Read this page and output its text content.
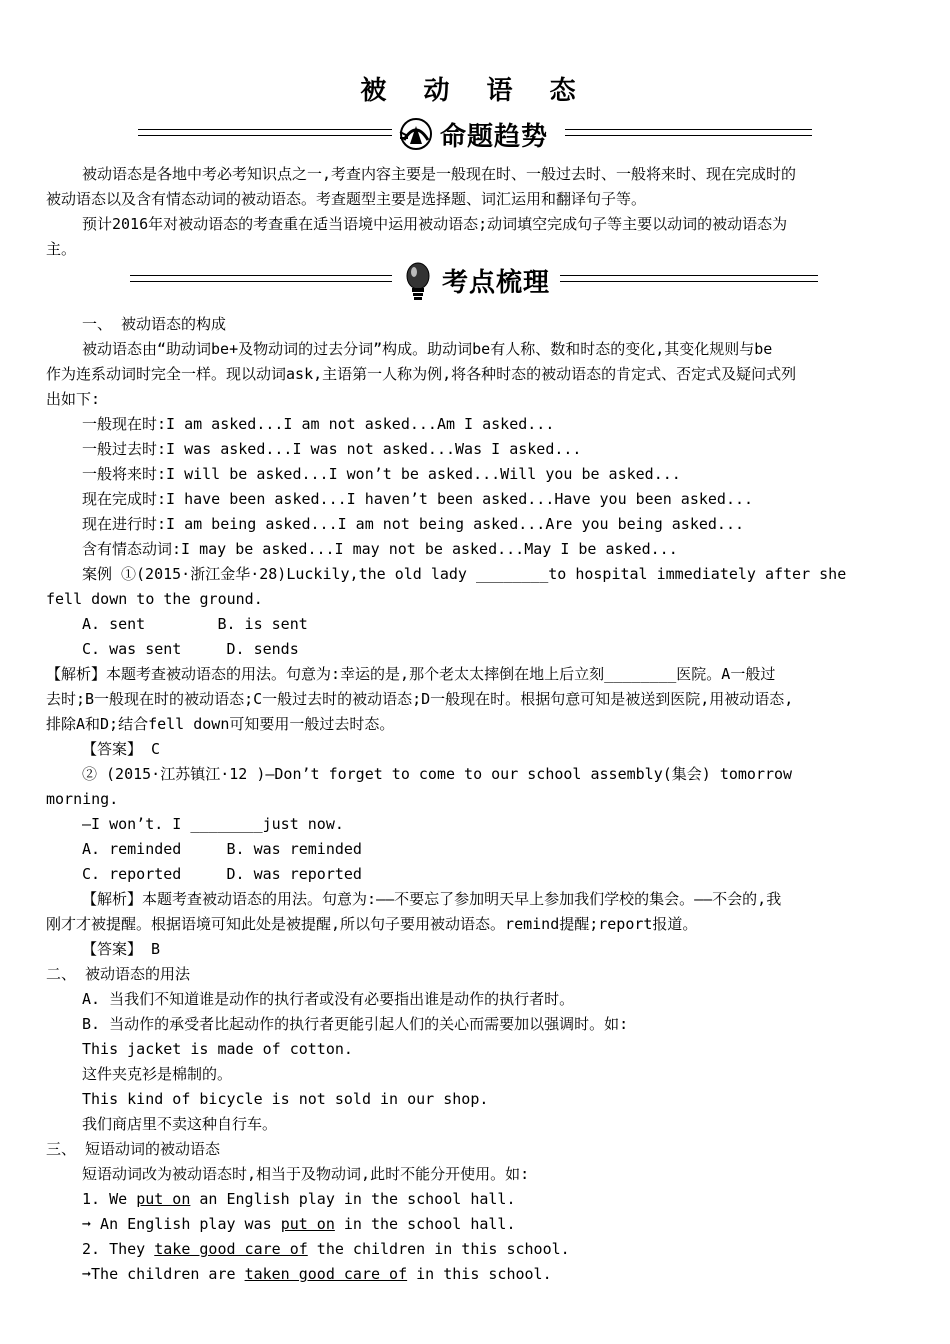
被 动 语 态
命题趋势
考点梳理
被动语态是各地中考必考知识点之一,考查内容主要是一般现在时、一般过去时、一般将来时、现在完成时的
被动语态以及含有情态动词的被动语态。考查题型主要是选择题、词汇运用和翻译句子等。
预计2016年对被动语态的考查重在适当语境中运用被动语态;动词填空完成句子等主要以动词的被动语态为
主。
一、 被动语态的构成
被动语态由“助动词be+及物动词的过去分词”构成。助动词be有人称、数和时态的变化,其变化规则与be
作为连系动词时完全一样。现以动词ask,主语第一人称为例,将各种时态的被动语态的肯定式、否定式及疑问式列
出如下:
一般现在时:I am asked...I am not asked...Am I asked...
一般过去时:I was asked...I was not asked...Was I asked...
一般将来时:I will be asked...I won’t be asked...Will you be asked...
现在完成时:I have been asked...I haven’t been asked...Have you been asked...
现在进行时:I am being asked...I am not being asked...Are you being asked...
含有情态动词:I may be asked...I may not be asked...May I be asked...
案例 ①(2015·浙江金华·28)Luckily,the old lady ________to hospital immediately after she
fell down to the ground.
A. sent        B. is sent
C. was sent     D. sends
【解析】本题考查被动语态的用法。句意为:幸运的是,那个老太太摔倒在地上后立刻________医院。A一般过
去时;B一般现在时的被动语态;C一般过去时的被动语态;D一般现在时。根据句意可知是被送到医院,用被动语态,
排除A和D;结合fell down可知要用一般过去时态。
【答案】 C
② (2015·江苏镇江·12 )—Don’t forget to come to our school assembly(集会) tomorrow
morning.
—I won’t. I ________just now.
A. reminded     B. was reminded
C. reported     D. was reported
【解析】本题考查被动语态的用法。句意为:——不要忘了参加明天早上参加我们学校的集会。——不会的,我
刚才才被提醒。根据语境可知此处是被提醒,所以句子要用被动语态。remind提醒;report报道。
【答案】 B
二、 被动语态的用法
A. 当我们不知道谁是动作的执行者或没有必要指出谁是动作的执行者时。
B. 当动作的承受者比起动作的执行者更能引起人们的关心而需要加以强调时。如:
This jacket is made of cotton.
这件夹克衫是棉制的。
This kind of bicycle is not sold in our shop.
我们商店里不卖这种自行车。
三、 短语动词的被动语态
短语动词改为被动语态时,相当于及物动词,此时不能分开使用。如:
1. We put on an English play in the school hall.
➞ An English play was put on in the school hall.
2. They take good care of the children in this school.
➞The children are taken good care of in this school.
